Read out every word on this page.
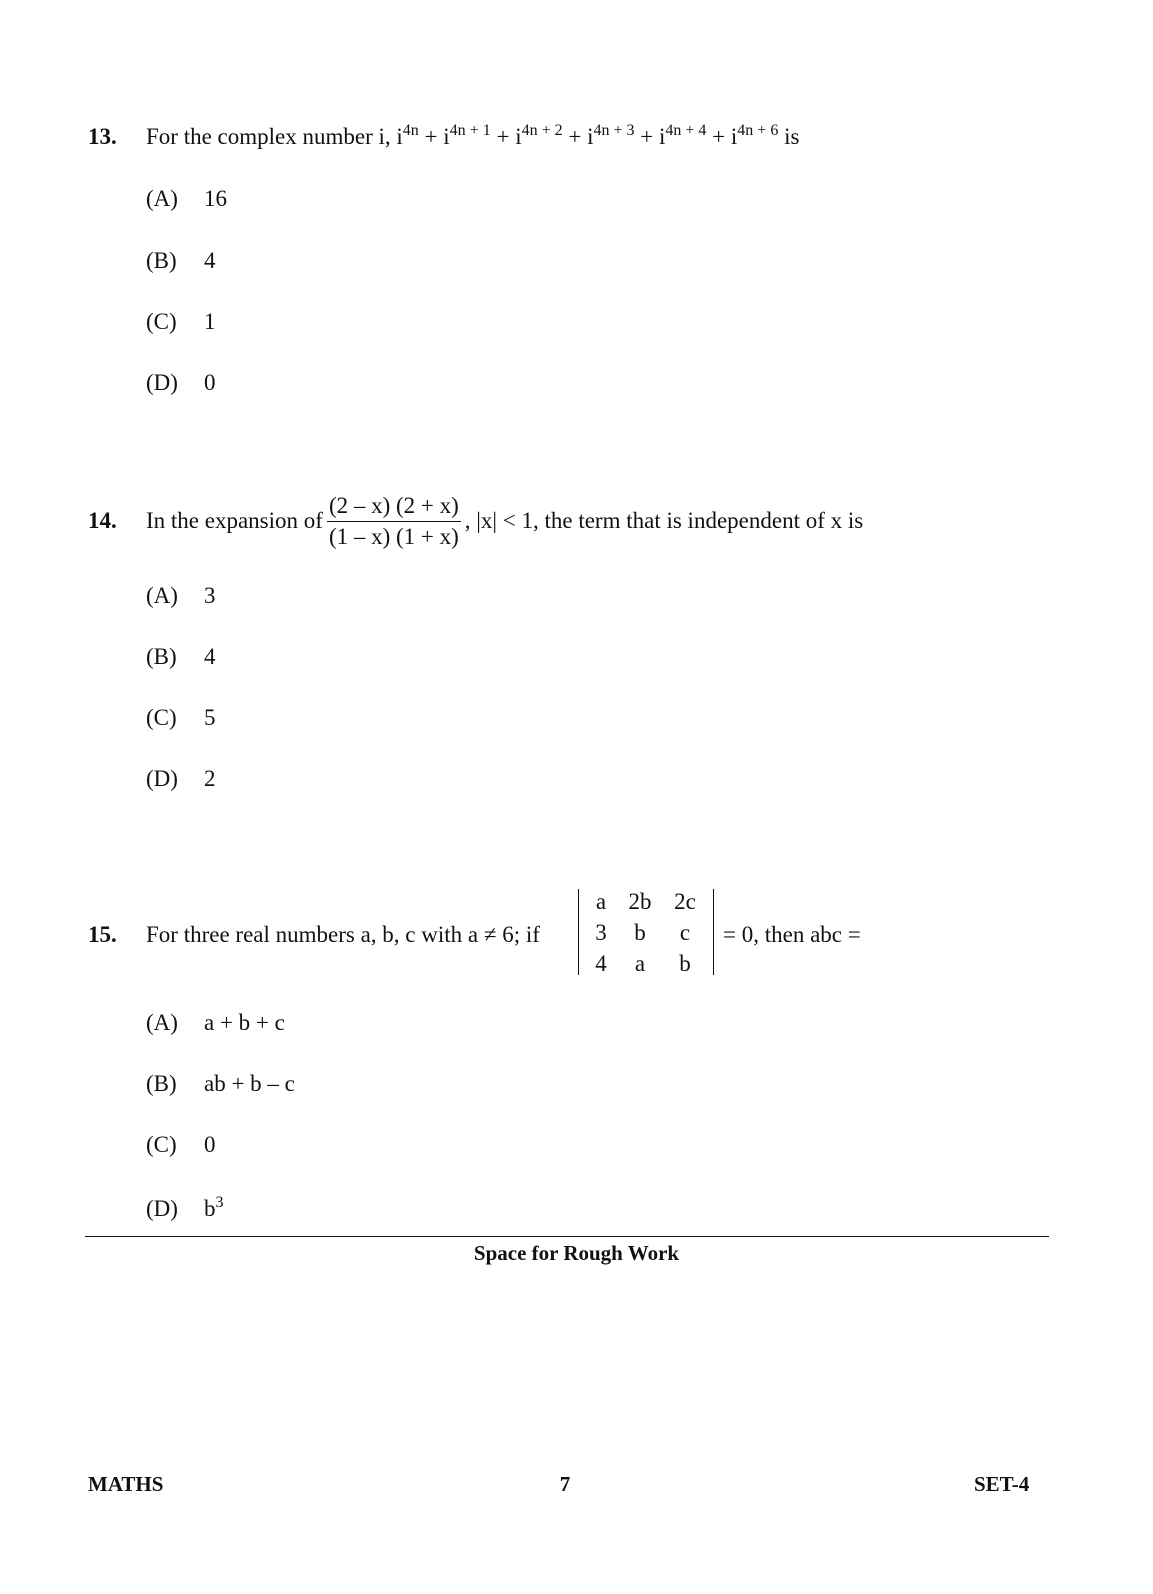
13. For the complex number i, $i^{4n} + i^{4n + 1} + i^{4n + 2} + i^{4n + 3} + i^{4n + 4} + i^{4n + 6}$ is
(A) 16
(B) 4
(C) 1
(D) 0
14. In the expansion of $\frac{(2 - x) (2 + x)}{(1 - x) (1 + x)}$ , |x| < 1, the term that is independent of x is
(A) 3
(B) 4
(C) 5
(D) 2
15. For three real numbers a, b, c with a ≠ 6; if
a 2b 2c
3	b	c
4	a	b
= 0, then abc =
(A) a + b + c
(B) ab + b – c
(C) 0
(D) $b^3$
Space for Rough Work
MATHS	7	SET-4
